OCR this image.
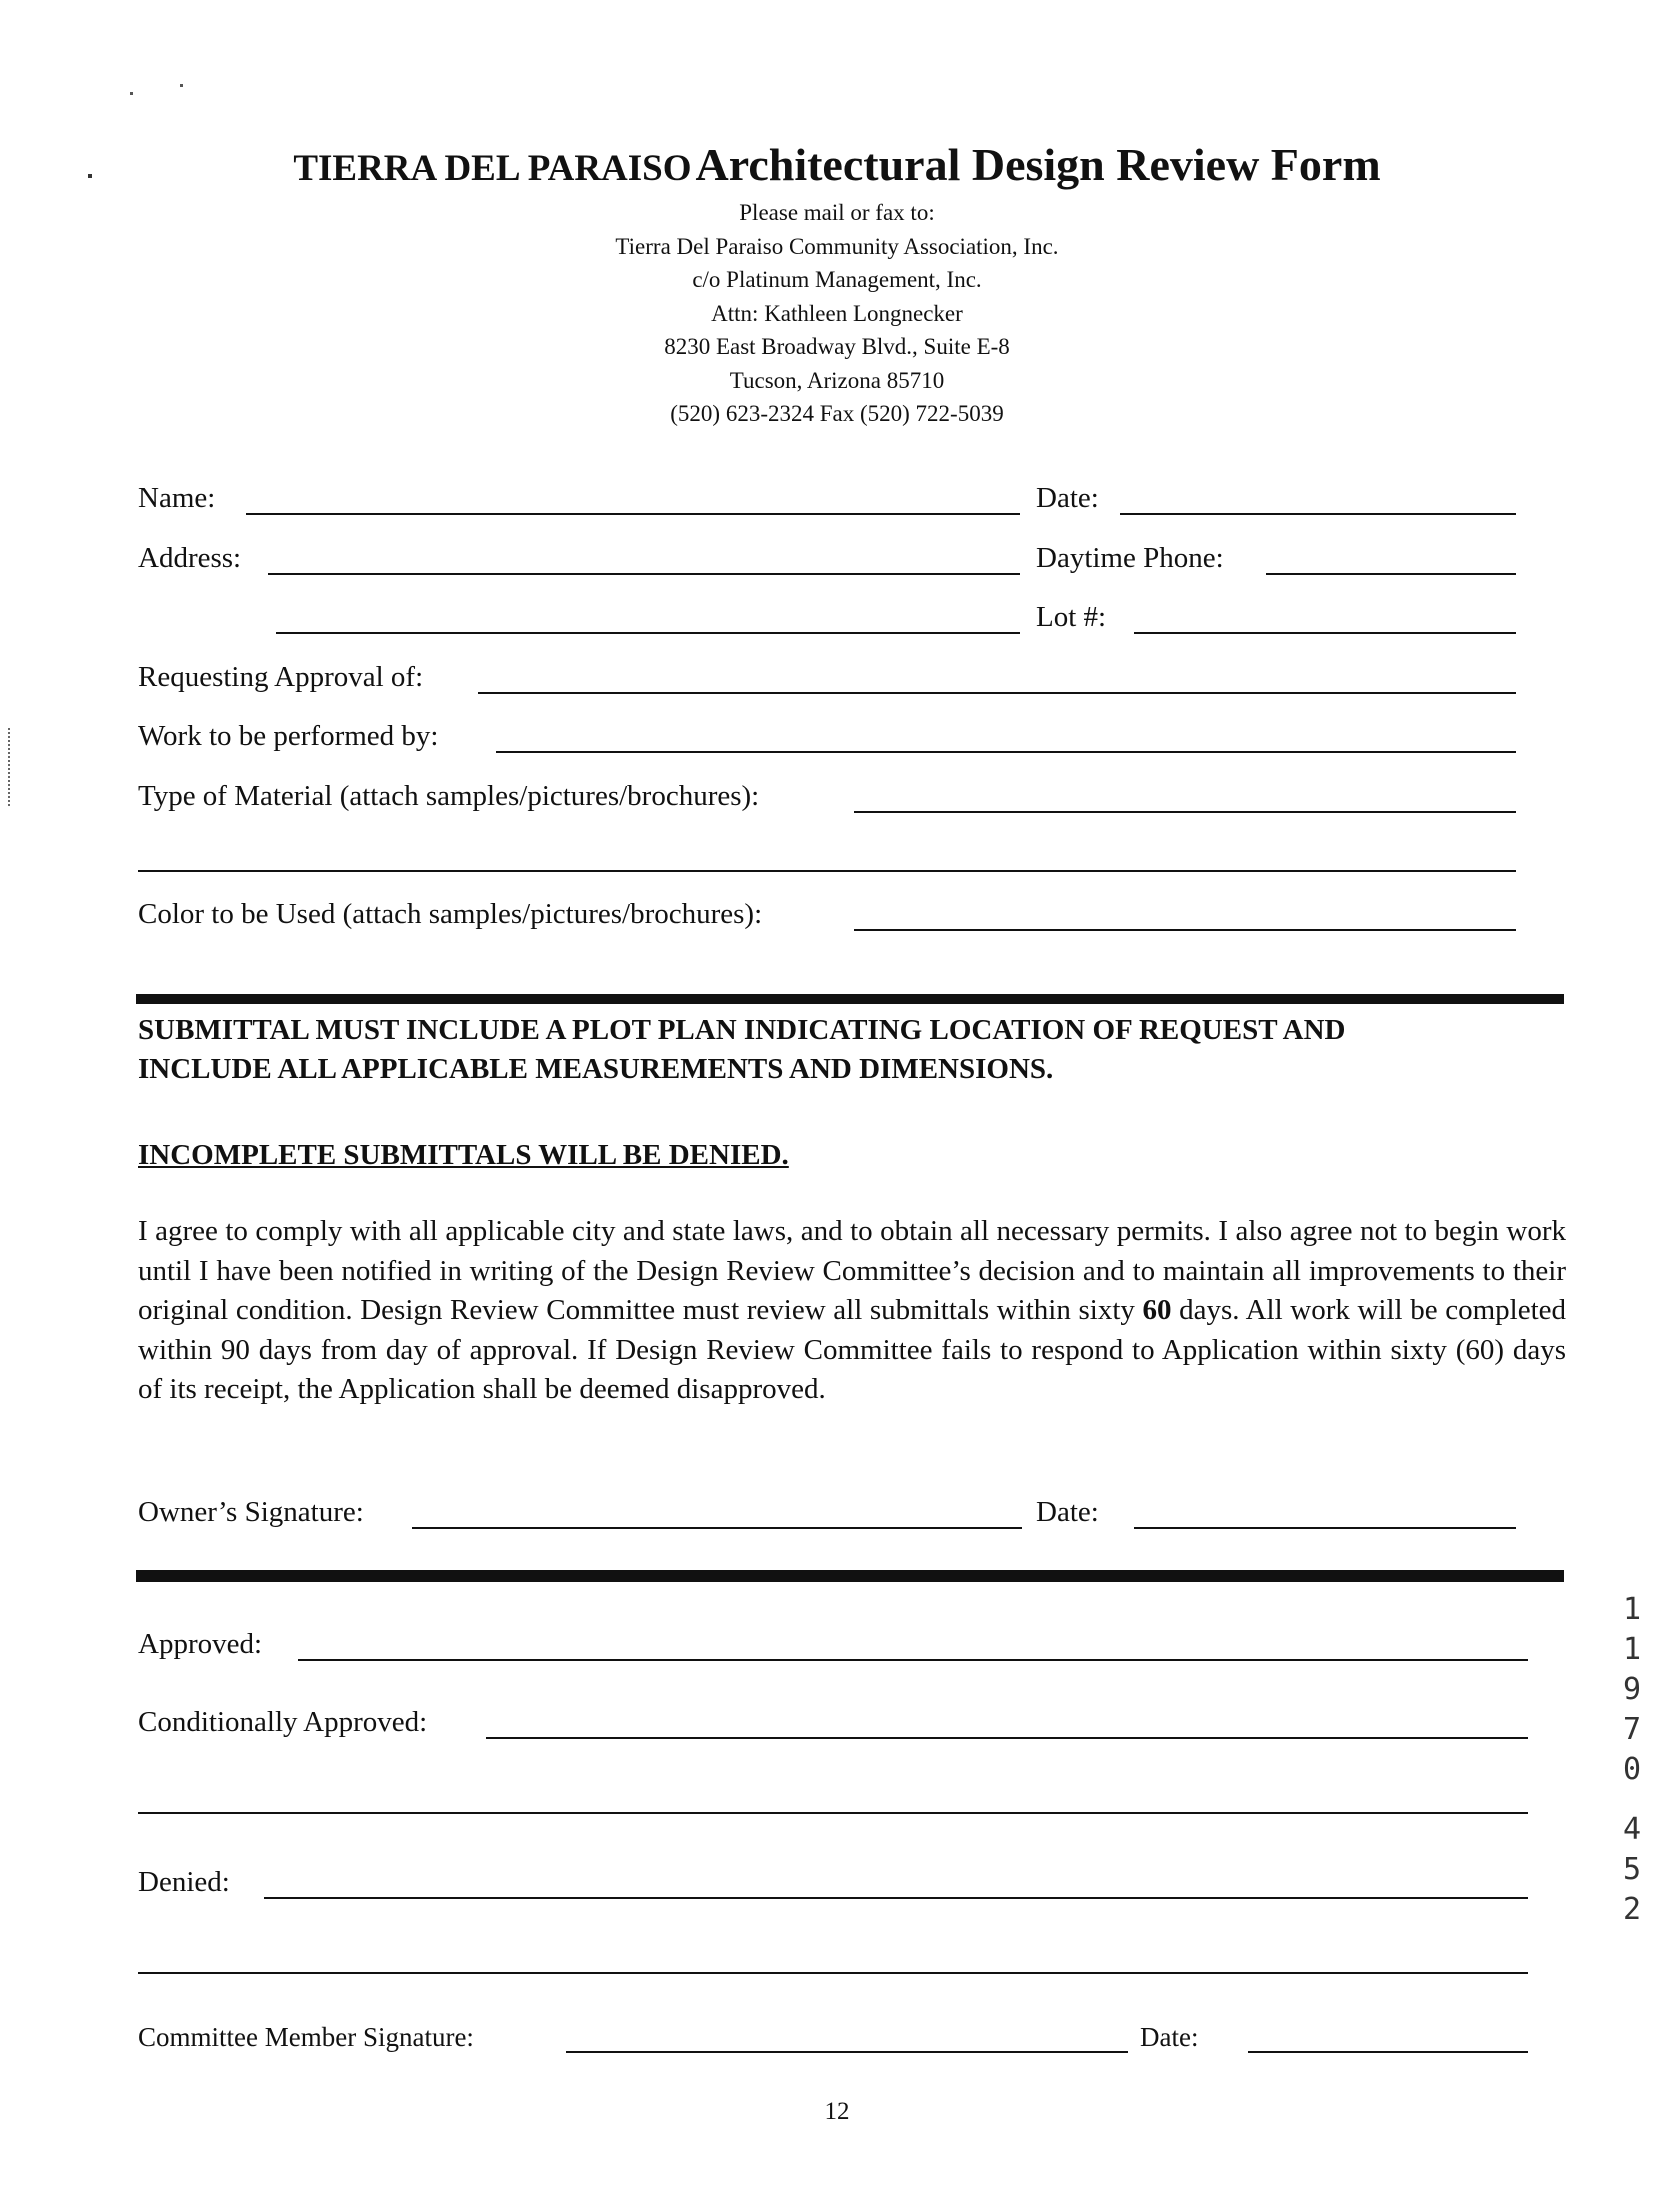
TIERRA DEL PARAISO Architectural Design Review Form
Please mail or fax to:
Tierra Del Paraiso Community Association, Inc.
c/o Platinum Management, Inc.
Attn: Kathleen Longnecker
8230 East Broadway Blvd., Suite E-8
Tucson, Arizona 85710
(520) 623-2324 Fax (520) 722-5039
Name:	Date:
Address:	Daytime Phone:
Lot #:
Requesting Approval of:
Work to be performed by:
Type of Material (attach samples/pictures/brochures):
Color to be Used (attach samples/pictures/brochures):
SUBMITTAL MUST INCLUDE A PLOT PLAN INDICATING LOCATION OF REQUEST AND
INCLUDE ALL APPLICABLE MEASUREMENTS AND DIMENSIONS.
INCOMPLETE SUBMITTALS WILL BE DENIED.
I agree to comply with all applicable city and state laws, and to obtain all necessary permits. I also agree not to begin work until I have been notified in writing of the Design Review Committee’s decision and to maintain all improvements to their original condition. Design Review Committee must review all submittals within sixty 60 days. All work will be completed within 90 days from day of approval. If Design Review Committee fails to respond to Application within sixty (60) days of its receipt, the Application shall be deemed disapproved.
Owner’s Signature:	Date:
Approved:
Conditionally Approved:
Denied:
Committee Member Signature:	Date:
12
1
1
9
7
0
4
5
2
